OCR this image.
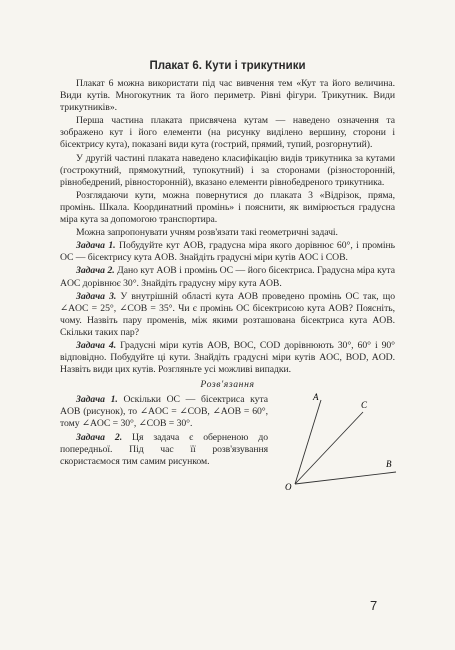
Плакат 6. Кути і трикутники

Плакат 6 можна використати під час вивчення тем «Кут та його величина. Види кутів. Многокутник та його периметр. Рівні фігури. Трикутник. Види трикутників».

Перша частина плаката присвячена кутам — наведено означення та зображено кут і його елементи (на рисунку виділено вершину, сторони і бісектрису кута), показані види кута (гострий, прямий, тупий, розгорнутий).

У другій частині плаката наведено класифікацію видів трикутника за кутами (гострокутний, прямокутний, тупокутний) і за сторонами (різносторонній, рівнобедрений, рівносторонній), вказано елементи рівнобедреного трикутника.

Розглядаючи кути, можна повернутися до плаката 3 «Відрізок, пряма, промінь. Шкала. Координатний промінь» і пояснити, як вимірюється градусна міра кута за допомогою транспортира.

Можна запропонувати учням розв'язати такі геометричні задачі.

Задача 1. Побудуйте кут AOB, градусна міра якого дорівнює 60°, і промінь OC — бісектрису кута AOB. Знайдіть градусні міри кутів AOC і COB.

Задача 2. Дано кут AOB і промінь OC — його бісектриса. Градусна міра кута AOC дорівнює 30°. Знайдіть градусну міру кута AOB.

Задача 3. У внутрішній області кута AOB проведено промінь OC так, що ∠AOC = 25°, ∠COB = 35°. Чи є промінь OC бісектрисою кута AOB? Поясніть, чому. Назвіть пару променів, між якими розташована бісектриса кута AOB. Скільки таких пар?

Задача 4. Градусні міри кутів AOB, BOC, COD дорівнюють 30°, 60° і 90° відповідно. Побудуйте ці кути. Знайдіть градусні міри кутів AOC, BOD, AOD. Назвіть види цих кутів. Розгляньте усі можливі випадки.

Розв'язання

Задача 1. Оскільки OC — бісектриса кута AOB (рисунок), то ∠AOC = ∠COB, ∠AOB = 60°, тому ∠AOC = 30°, ∠COB = 30°.

Задача 2. Ця задача є оберненою до попередньої. Під час її розв'язування скористаємося тим самим рисунком.

A
C
B
O
7
